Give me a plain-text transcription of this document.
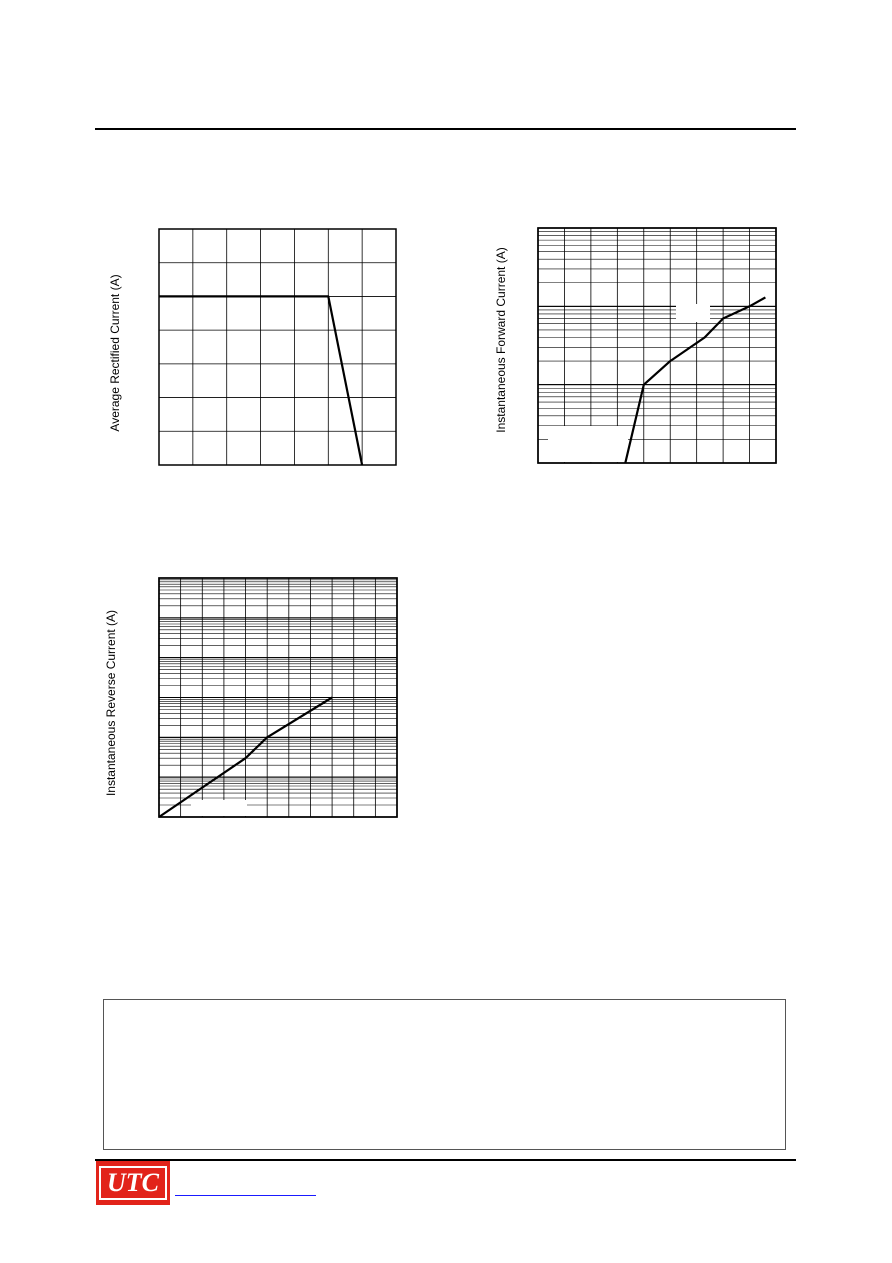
Average Rectified Current (A)	Instantaneous Forward Current (A)
Instantaneous Reverse Current (A)
UTC
